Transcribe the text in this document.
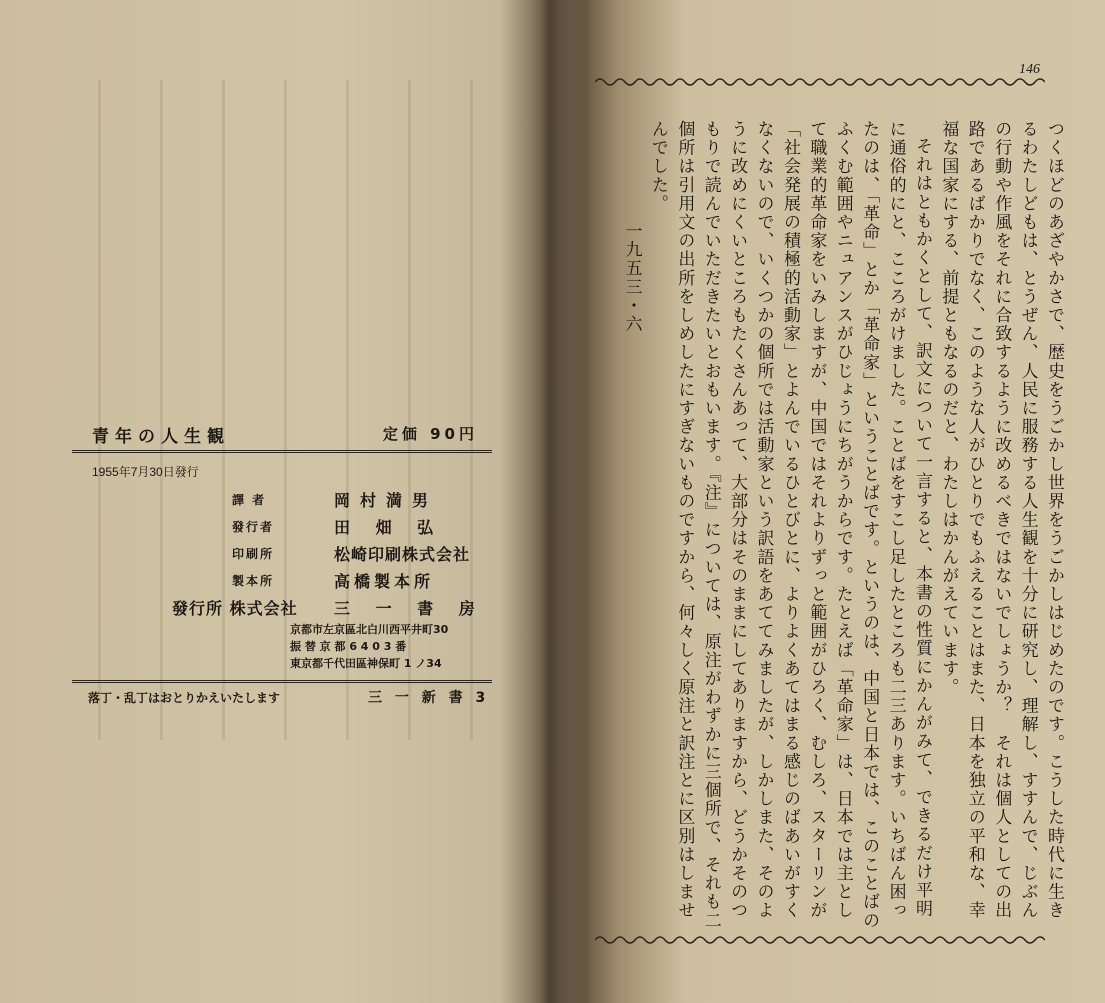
青年の人生観	定価 90円
1955年7月30日發行
譯 者	岡村満男
發行者	田 畑 弘
印刷所	松崎印刷株式会社
製本所	高橋製本所
發行所 株式会社 三 一 書 房
京都市左京區北白川西平井町30
振 替 京 都 6 4 0 3 番
東京都千代田區神保町 1 ノ34
落丁・乱丁はおとりかえいたします	三 一 新 書 3
146

つくほどのあざやかさで、歴史をうごかし世界をうごかしはじめたのです。こうした時代に生きるわたしどもは、とうぜん、人民に服務する人生観を十分に研究し、理解し、すすんで、じぶんの行動や作風をそれに合致するように改めるべきではないでしょうか？　それは個人としての出路であるばかりでなく、このような人がひとりでもふえることはまた、日本を独立の平和な、幸福な国家にする、前提ともなるのだと、わたしはかんがえています。

それはともかくとして、訳文について一言すると、本書の性質にかんがみて、できるだけ平明に通俗的にと、こころがけました。ことばをすこし足したところも二三あります。いちばん困ったのは、「革命」とか「革命家」ということばです。というのは、中国と日本では、このことばのふくむ範囲やニュアンスがひじょうにちがうからです。たとえば「革命家」は、日本では主として職業的革命家をいみしますが、中国ではそれよりずっと範囲がひろく、むしろ、スターリンが「社会発展の積極的活動家」とよんでいるひとびとに、よりよくあてはまる感じのばあいがすくなくないので、いくつかの個所では活動家という訳語をあててみましたが、しかしまた、そのように改めにくいところもたくさんあって、大部分はそのままにしてありますから、どうかそのつもりで読んでいただきたいとおもいます。『注』については、原注がわずかに三個所で、それも二個所は引用文の出所をしめしたにすぎないものですから、何々しく原注と訳注とに区別はしませんでした。

一九五三・六
